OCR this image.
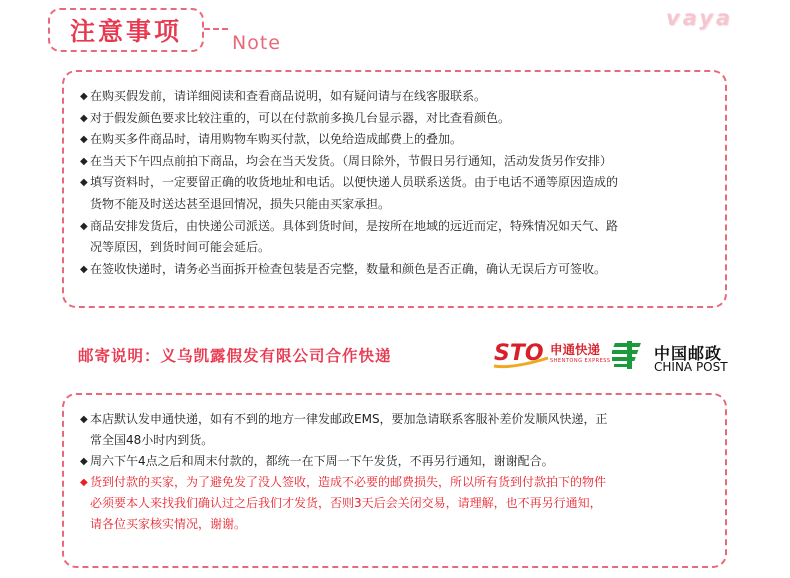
注意事项	Note
vaya
◆ 在购买假发前，请详细阅读和查看商品说明，如有疑问请与在线客服联系。
◆ 对于假发颜色要求比较注重的，可以在付款前多换几台显示器，对比查看颜色。
◆ 在购买多件商品时，请用购物车购买付款，以免给造成邮费上的叠加。
◆ 在当天下午四点前拍下商品，均会在当天发货。（周日除外，节假日另行通知，活动发货另作安排）
◆ 填写资料时，一定要留正确的收货地址和电话。以便快递人员联系送货。由于电话不通等原因造成的
货物不能及时送达甚至退回情况，损失只能由买家承担。
◆ 商品安排发货后，由快递公司派送。具体到货时间，是按所在地域的远近而定，特殊情况如天气、路
况等原因，到货时间可能会延后。
◆ 在签收快递时，请务必当面拆开检查包装是否完整，数量和颜色是否正确，确认无误后方可签收。
邮寄说明：义乌凯露假发有限公司合作快递	STO 申通快递
SHENTONG EXPRESS	中国邮政
CHINA POST
◆ 本店默认发申通快递，如有不到的地方一律发邮政EMS，要加急请联系客服补差价发顺风快递，正
常全国48小时内到货。
◆ 周六下午4点之后和周末付款的，都统一在下周一下午发货，不再另行通知，谢谢配合。
◆ 货到付款的买家，为了避免发了没人签收，造成不必要的邮费损失，所以所有货到付款拍下的物件
必须要本人来找我们确认过之后我们才发货，否则3天后会关闭交易，请理解，也不再另行通知，
请各位买家核实情况，谢谢。
